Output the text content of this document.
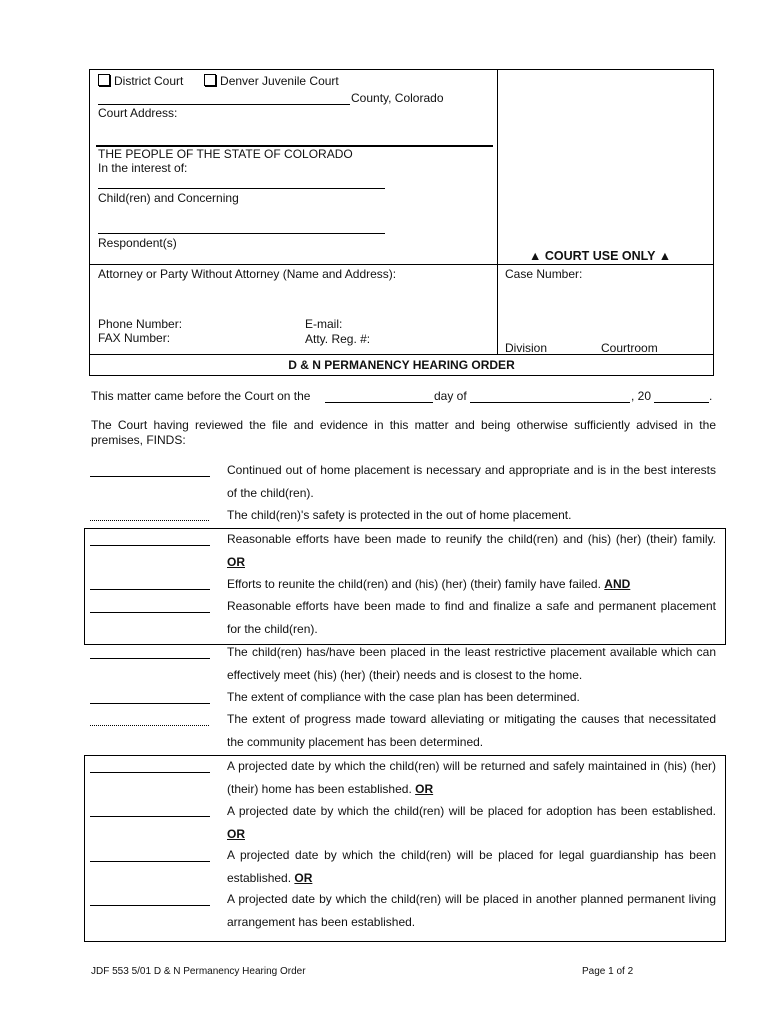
District Court	Denver Juvenile Court
County, Colorado
Court Address:
THE PEOPLE OF THE STATE OF COLORADO
In the interest of:
Child(ren) and Concerning
Respondent(s)
▲ COURT USE ONLY ▲
Attorney or Party Without Attorney (Name and Address):
Phone Number:	E-mail:
FAX Number:	Atty. Reg. #:
Case Number:
Division	Courtroom
D & N PERMANENCY HEARING ORDER
This matter came before the Court on the	day of	, 20	.
The Court having reviewed the file and evidence in this matter and being otherwise sufficiently advised in the premises, FINDS:
Continued out of home placement is necessary and appropriate and is in the best interests of the child(ren).
The child(ren)'s safety is protected in the out of home placement.
Reasonable efforts have been made to reunify the child(ren) and (his) (her) (their) family. OR
Efforts to reunite the child(ren) and (his) (her) (their) family have failed. AND
Reasonable efforts have been made to find and finalize a safe and permanent placement for the child(ren).
The child(ren) has/have been placed in the least restrictive placement available which can effectively meet (his) (her) (their) needs and is closest to the home.
The extent of compliance with the case plan has been determined.
The extent of progress made toward alleviating or mitigating the causes that necessitated the community placement has been determined.
A projected date by which the child(ren) will be returned and safely maintained in (his) (her) (their) home has been established. OR
A projected date by which the child(ren) will be placed for adoption has been established. OR
A projected date by which the child(ren) will be placed for legal guardianship has been established. OR
A projected date by which the child(ren) will be placed in another planned permanent living arrangement has been established.
JDF 553 5/01 D & N Permanency Hearing Order	Page 1 of 2
